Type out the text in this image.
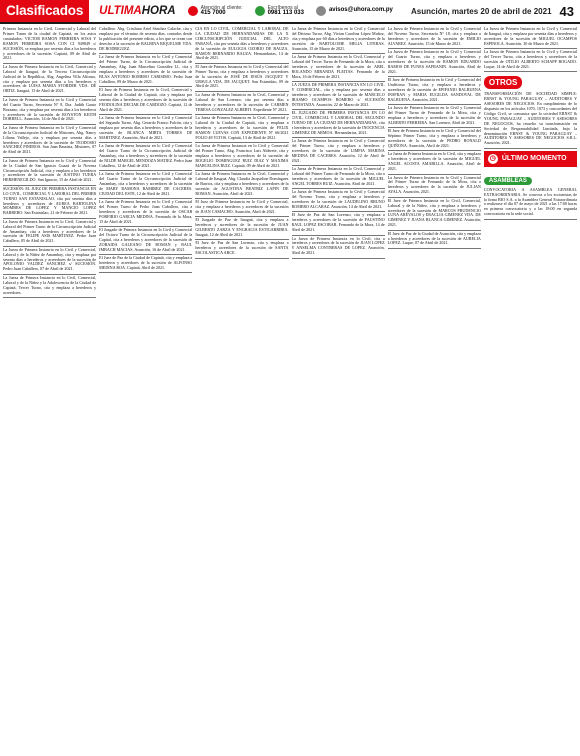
Clasificados	ULTIMAHORA	Atención al cliente:
415 7000
Escríbenos al
0981 113 033	avisos@uhora.com.py Asunción, martes 20 de abril de 2021 43
Primera Instancia en lo Civil, Comercial y Laboral del Primer Turno de la ciudad de Capiatá, en los autos caratulados: VICTOR RAMON FERREIRA SOSA Y RAMON FERREIRA SOSA CON CI 949849 s/ SUCESIÓN, se emplaza por sesenta días a los herederos y acreedores de la sucesión. Capiatá, 09 de Abril de 2021.
La Jueza de Primera Instancia en lo Civil, Comercial y Laboral de Itauguá, de la Tercera Circunscripción Judicial de la República, Abg. Angelina Villa Alfonso, cita y emplaza por sesenta días a los herederos y acreedores de LUISA MARIA STORDER VDA. DE ORTIZ. Itauguá, 15 de Abril de 2021.
La Jueza de Primera Instancia en lo Civil y Comercial del Cuarto Turno, Secretaria N° 8, Dra. Judith Gauto Bozzano, cita y emplaza por sesenta días a los herederos y acreedores de la sucesión de ROYSTON KEITH DORRELL. Asunción, 14 de Abril de 2021.
La Jueza de Primera Instancia en lo Civil y Comercial de la Circunscripción Judicial de Misiones, Abg. Nancy Liliana Vallejo, cita y emplaza por sesenta días a herederos y acreedores de la sucesión de TEODOSIO SANCHEZ PINEROS. San Juan Bautista, Misiones, 07 de Abril de 2021.
La Jueza de Primera Instancia en lo Civil y Comercial de la Ciudad de San Ignacio Guazú de la Novena Circunscripción Judicial, cita y emplaza a los herederos y acreedores de la sucesión de JUSTINO TUERA HERMENEGILDO. San Ignacio, 15 de Abril de 2021.
SUCESIÓN: EL JUEZ DE PRIMERA INSTANCIA EN LO CIVIL, COMERCIAL Y LABORAL DEL PRIMER TURNO SAN ESTANISLAO, cita por sesenta días a herederos y acreedores de AUREA BARTOLINA MOMBES DE LOPEZ Y MANCIO LOPEZ BARRERO. San Estanislao, 21 de Febrero de 2021.
La Jueza de Primera Instancia en lo Civil, Comercial y Laboral del Primer Turno de la Circunscripción Judicial de Amambay, cita a herederos y acreedores de la sucesión de FELIPE ASIS MARTINEZ. Pedro Juan Caballero, 05 de Abril de 2021.
La Jueza de Primera Instancia en lo Civil y Comercial, Laboral y de la Niñez de Amambay, cita y emplaza por sesenta días a herederos y acreedores de la sucesión de APOLONIO VALDEZ SANCHEZ s/ SUCESIÓN. Pedro Juan Caballero, 07 de Abril de 2021.
La Jueza de Primera Instancia en lo Civil, Comercial, Laboral y de la Niñez y la Adolescencia de la Ciudad de Capiatá, Tercer Turno, cita y emplaza a herederos y acreedores.
Caballero. Abg. Cristhian Ariel Sánchez Calache, cita y emplaza por el término de sesenta días, contados desde la publicación del presente edicto, a los que se crean con derecho a la sucesión de BALBINA RIQUELME VDA. DE RODRIGUEZ.
La Jueza de Primera Instancia en lo Civil y Comercial del Primer Turno, de la Circunscripción Judicial de Amambay, Abg. Juan Marcelino González Ll., cita y emplaza a herederos y acreedores de la sucesión de BLAS ANTONIO ROMERO CARISIMO. Pedro Juan Caballero, 09 de Marzo de 2021.
El Juez de Primera Instancia en lo Civil, Comercial y Laboral de la Ciudad de Capiatá, cita y emplaza por sesenta días a herederos y acreedores de la sucesión de FEODOLINA DECIAR DE CARDOZO. Capiatá, 12 de Abril de 2021.
La Jueza de Primera Instancia en lo Civil y Comercial del Segundo Turno, Abg. Gerardo Franco Falcón, cita y emplaza por sesenta días a herederos y acreedores de la sucesión de BLANCA MIRTA TORRES DE MARTINEZ. Asunción, Abril de 2021.
La Jueza de Primera Instancia en lo Civil y Comercial del Cuarto Turno de la Circunscripción Judicial de Amambay, cita a herederos y acreedores de la sucesión de NILDE MARGEL MENDOZA MATIEZ. Pedro Juan Caballero, 12 de Abril de 2021.
La Jueza de Primera Instancia en lo Civil y Comercial del Cuarto Turno de la Circunscripción Judicial de Amambay, cita a herederos y acreedores de la sucesión de MARY RAMONA RAMIREZ DE CACERES. CIUDAD DEL ESTE, 12 de Abril de 2021.
La Jueza de Primera Instancia en lo Civil y Comercial del Primer Turno de Pedro Juan Caballero, cita a herederos y acreedores de la sucesión de OSCAR PORFIRIO GARCIA MEDINA. Fernando de la Mora, 15 de Abril de 2021.
El Juzgado de Primera Instancia en lo Civil y Comercial del Octavo Turno de la Circunscripción Judicial de la Capital, cita a herederos y acreedores de la sucesión de ZORAIDA GALEANO DE ROMAN y RAUL IMBACH MACIAS. Asunción, 16 de Abril de 2021.
El Juez de Paz de la Ciudad de Capiatá, cita y emplaza a herederos y acreedores de la sucesión de ALFONSO MEDINA ROA. Capiatá, Abril de 2021.
CIA EN LO CIVIL, COMERCIAL Y LABORAL DE LA CIUDAD DE HERNANDARIAS DE LA X CIRCUNSCRIPCIÓN JUDICIAL DEL ALTO PARANÁ, cita por sesenta días a herederos y acreedores de la sucesión de EULOGIA OZORIO DE BAUZA, RAMON BERNARDO BAUZA. Hernandarias, 14 de Abril de 2021.
El Juez de Primera Instancia en lo Civil y Comercial del Primer Turno, cita y emplaza a herederos y acreedores de la sucesión de JOSÉ DE JESÚS JACQUET Y URSULA VDA. DE JACQUET. San Estanislao, 09 de Abril de 2021.
La Jueza de Primera Instancia en lo Civil, Comercial y Laboral de San Lorenzo, cita por sesenta días a herederos y acreedores de la sucesión de CARMEN TERESA GONZALEZ ALBERTI. Expediente Nº 2021.
La Jueza de Primera Instancia en lo Civil, Comercial y Laboral de la Ciudad de Capiatá, cita y emplaza a herederos y acreedores de la sucesión de FELIX RAMON CUEVAS CON EXPEDIENTE Nº 66/2021 FOLIO 48 VLTOS. Capiatá, 13 de Abril de 2021.
La Jueza de Primera Instancia en lo Civil y Comercial del Primer Turno, Abg. Francisco Luis Alderete, cita y emplaza a herederos y acreedores de la sucesión de ROGELIO DOMINGUEZ RUIZ DIAZ Y MAXIMA MARCELINA RUIZ. Capiatá, 09 de Abril de 2021.
La Jueza de Primera Instancia en lo Civil, Comercial y Laboral de Itauguá, Abg. Claudia Jacqueline Domínguez de Barrios, cita y emplaza a herederos y acreedores de la sucesión de AGUSTINA BEATRIZ LAPIN DE ROMAN. Asunción, Abril de 2021.
El Juez de Primera Instancia en lo Civil y Comercial, cita y emplaza a herederos y acreedores de la sucesión de JUAN CAMACHO. Asunción, Abril de 2021.
El Juzgado de Paz de Itauguá, cita y emplaza a herederos y acreedores de la sucesión de JUAN GILBERTO ZARZA Y ENGRACIA ESTIGARRIBIA. Itauguá, 12 de Abril de 2021.
El Juez de Paz de San Lorenzo, cita y emplaza a herederos y acreedores de la sucesión de SANTA ESCOLASTICA ARCE.
La Jueza de Primera Instancia en lo Civil y Comercial del Décimo Turno, Abg. Vivian Carolina López Muñoz, cita y emplaza por 60 días a herederos y acreedores de la sucesión de BARTOLOME MELIA LITERAS. Asunción, 15 de Marzo de 2021.
La Jueza de Primera Instancia en lo Civil, Comercial y Laboral del Tercer Turno de Fernando de la Mora, cita a herederos y acreedores de la sucesión de ABEL ROLANDO MIRANDA FLEITAS. Fernando de la Mora, 16 de Febrero de 2021.
LA JUEZA DE PRIMERA INSTANCIA EN LO CIVIL Y COMERCIAL, cita y emplaza por sesenta días a herederos y acreedores de la sucesión de MARCELO IRASMO OCAMPOS ROMERO s/ SUCESIÓN INTESTADA. Asunción, 22 de Marzo de 2021.
EL JUZGADO DE PRIMERA INSTANCIA EN LO CIVIL, COMERCIAL Y LABORAL DEL SEGUNDO TURNO DE LA CIUDAD DE HERNANDARIAS, cita a herederos y acreedores de la sucesión de INOCENCIA GIMENEZ DE ARMOA. Hernandarias, 2021.
La Jueza de Primera Instancia en lo Civil y Comercial del Primer Turno, cita y emplaza a herederos y acreedores de la sucesión de LIMPIA MARINA MEDINA DE CACERES. Asunción, 12 de Abril de 2021.
La Jueza de Primera Instancia en lo Civil, Comercial y Laboral del Primer Turno de Fernando de la Mora, cita a herederos y acreedores de la sucesión de MIGUEL ANGEL TORRES RUIZ. Asunción, Abril de 2021.
La Jueza de Primera Instancia en lo Civil y Comercial del Noveno Turno, cita y emplaza a herederos y acreedores de la sucesión de LAUDELINO BRUNO ROMERO ALCARAZ. Asunción, 14 de Abril de 2021.
El Juez de Paz de San Lorenzo, cita y emplaza a herederos y acreedores de la sucesión de FAUSTINO RAUL LOPEZ ESCOBAR. Fernando de la Mora, 14 de Abril de 2021.
La Jueza de Primera Instancia en lo Civil, cita a herederos y acreedores de la sucesión de JUAN LOPEZ Y ANSELMA CONTRERAS DE LOPEZ. Asunción, Abril de 2021.
La Jueza de Primera Instancia en lo Civil y Comercial del Noveno Turno, Secretaría N° 18, cita y emplaza a herederos y acreedores de la sucesión de EMILIO ALVAREZ. Asunción, 15 de Marzo de 2021.
La Jueza de Primera Instancia en lo Civil y Comercial del Cuarto Turno, cita y emplaza a herederos y acreedores de la sucesión de RAMON EDUARDO RAMOS DE FUNES SAFRANIN. Asunción, Abril de 2021.
El Juez de Primera Instancia en lo Civil y Comercial del Undécimo Turno, cita y emplaza a herederos y acreedores de la sucesión de EPIFANIO BALBUENA INSFRAN y MARIA EUGILDA SANDOVAL DE BALBUENA. Asunción, 2021.
La Jueza de Primera Instancia en lo Civil y Comercial del Primer Turno de Fernando de la Mora, cita y emplaza a herederos y acreedores de la sucesión de ALBERTO FERREIRA. San Lorenzo, Abril de 2021.
El Juez de Primera Instancia en lo Civil y Comercial del Séptimo Primer Turno, cita y emplaza a herederos y acreedores de la sucesión de PEDRO RONALD QUIÑONA. Asunción, Abril de 2021.
La Jueza de Primera Instancia en lo Civil, cita y emplaza a herederos y acreedores de la sucesión de MIGUEL ANGEL ACOSTA AMARILLA. Asunción, Abril de 2021.
La Jueza de Primera Instancia en lo Civil y Comercial del Primer Turno de Fernando de la Mora, cita a herederos y acreedores de la sucesión de JULIAN AYALA. Asunción, 2021.
El Juez de Primera Instancia en lo Civil, Comercial, Laboral y de la Niñez, cita y emplaza a herederos y acreedores de la sucesión de MARCOS PRUDENCIO LUNA ARÉVALOS y ERACLIA GIMENEZ VDA. DE GIMENEZ Y JUANA BLANCA GIMENEZ. Asunción, 2021.
El Juez de Paz de la Ciudad de Asunción, cita y emplaza a herederos y acreedores de la sucesión de AURELIA LOPEZ. Luque, 07 de Abril de 2021.
La Jueza de Primera Instancia en lo Civil y Comercial de Itauguá, cita y emplaza por sesenta días a herederos y acreedores de la sucesión de MIGUEL OCAMPOS ESPINOLA. Asunción, 30 de Marzo de 2021.
La Jueza de Primera Instancia en lo Civil y Comercial del Tercer Turno, cita a herederos y acreedores de la sucesión de OTILIO ALBERTO SCHAPP BOGADO. Luque, 14 de Abril de 2021.
OTROS
TRANSFORMACIÓN DE SOCIEDAD SIMPLE: ERNST & YOUNG PARAGUAY – AUDITORES Y ASESORES DE NEGOCIOS. En cumplimiento de lo dispuesto en los artículos 1070, 1073 y concordantes del Código Civil, se comunica que la sociedad ERNST & YOUNG PARAGUAY – AUDITORES Y ASESORES DE NEGOCIOS, ha resuelto su transformación en Sociedad de Responsabilidad Limitada, bajo la denominación ERNST & YOUNG PARAGUAY – AUDITORES Y ASESORES DE NEGOCIOS S.R.L. Asunción, 2021.
◷ ÚLTIMO MOMENTO
ASAMBLEAS
CONVOCATORIA A ASAMBLEA GENERAL EXTRAORDINARIA. Se convoca a los accionistas de la firma BIO S.A. a la Asamblea General Extraordinaria a realizarse el día 07 de mayo de 2021 a las 17:00 horas en primera convocatoria y a las 18:00 en segunda convocatoria en la sede social.
